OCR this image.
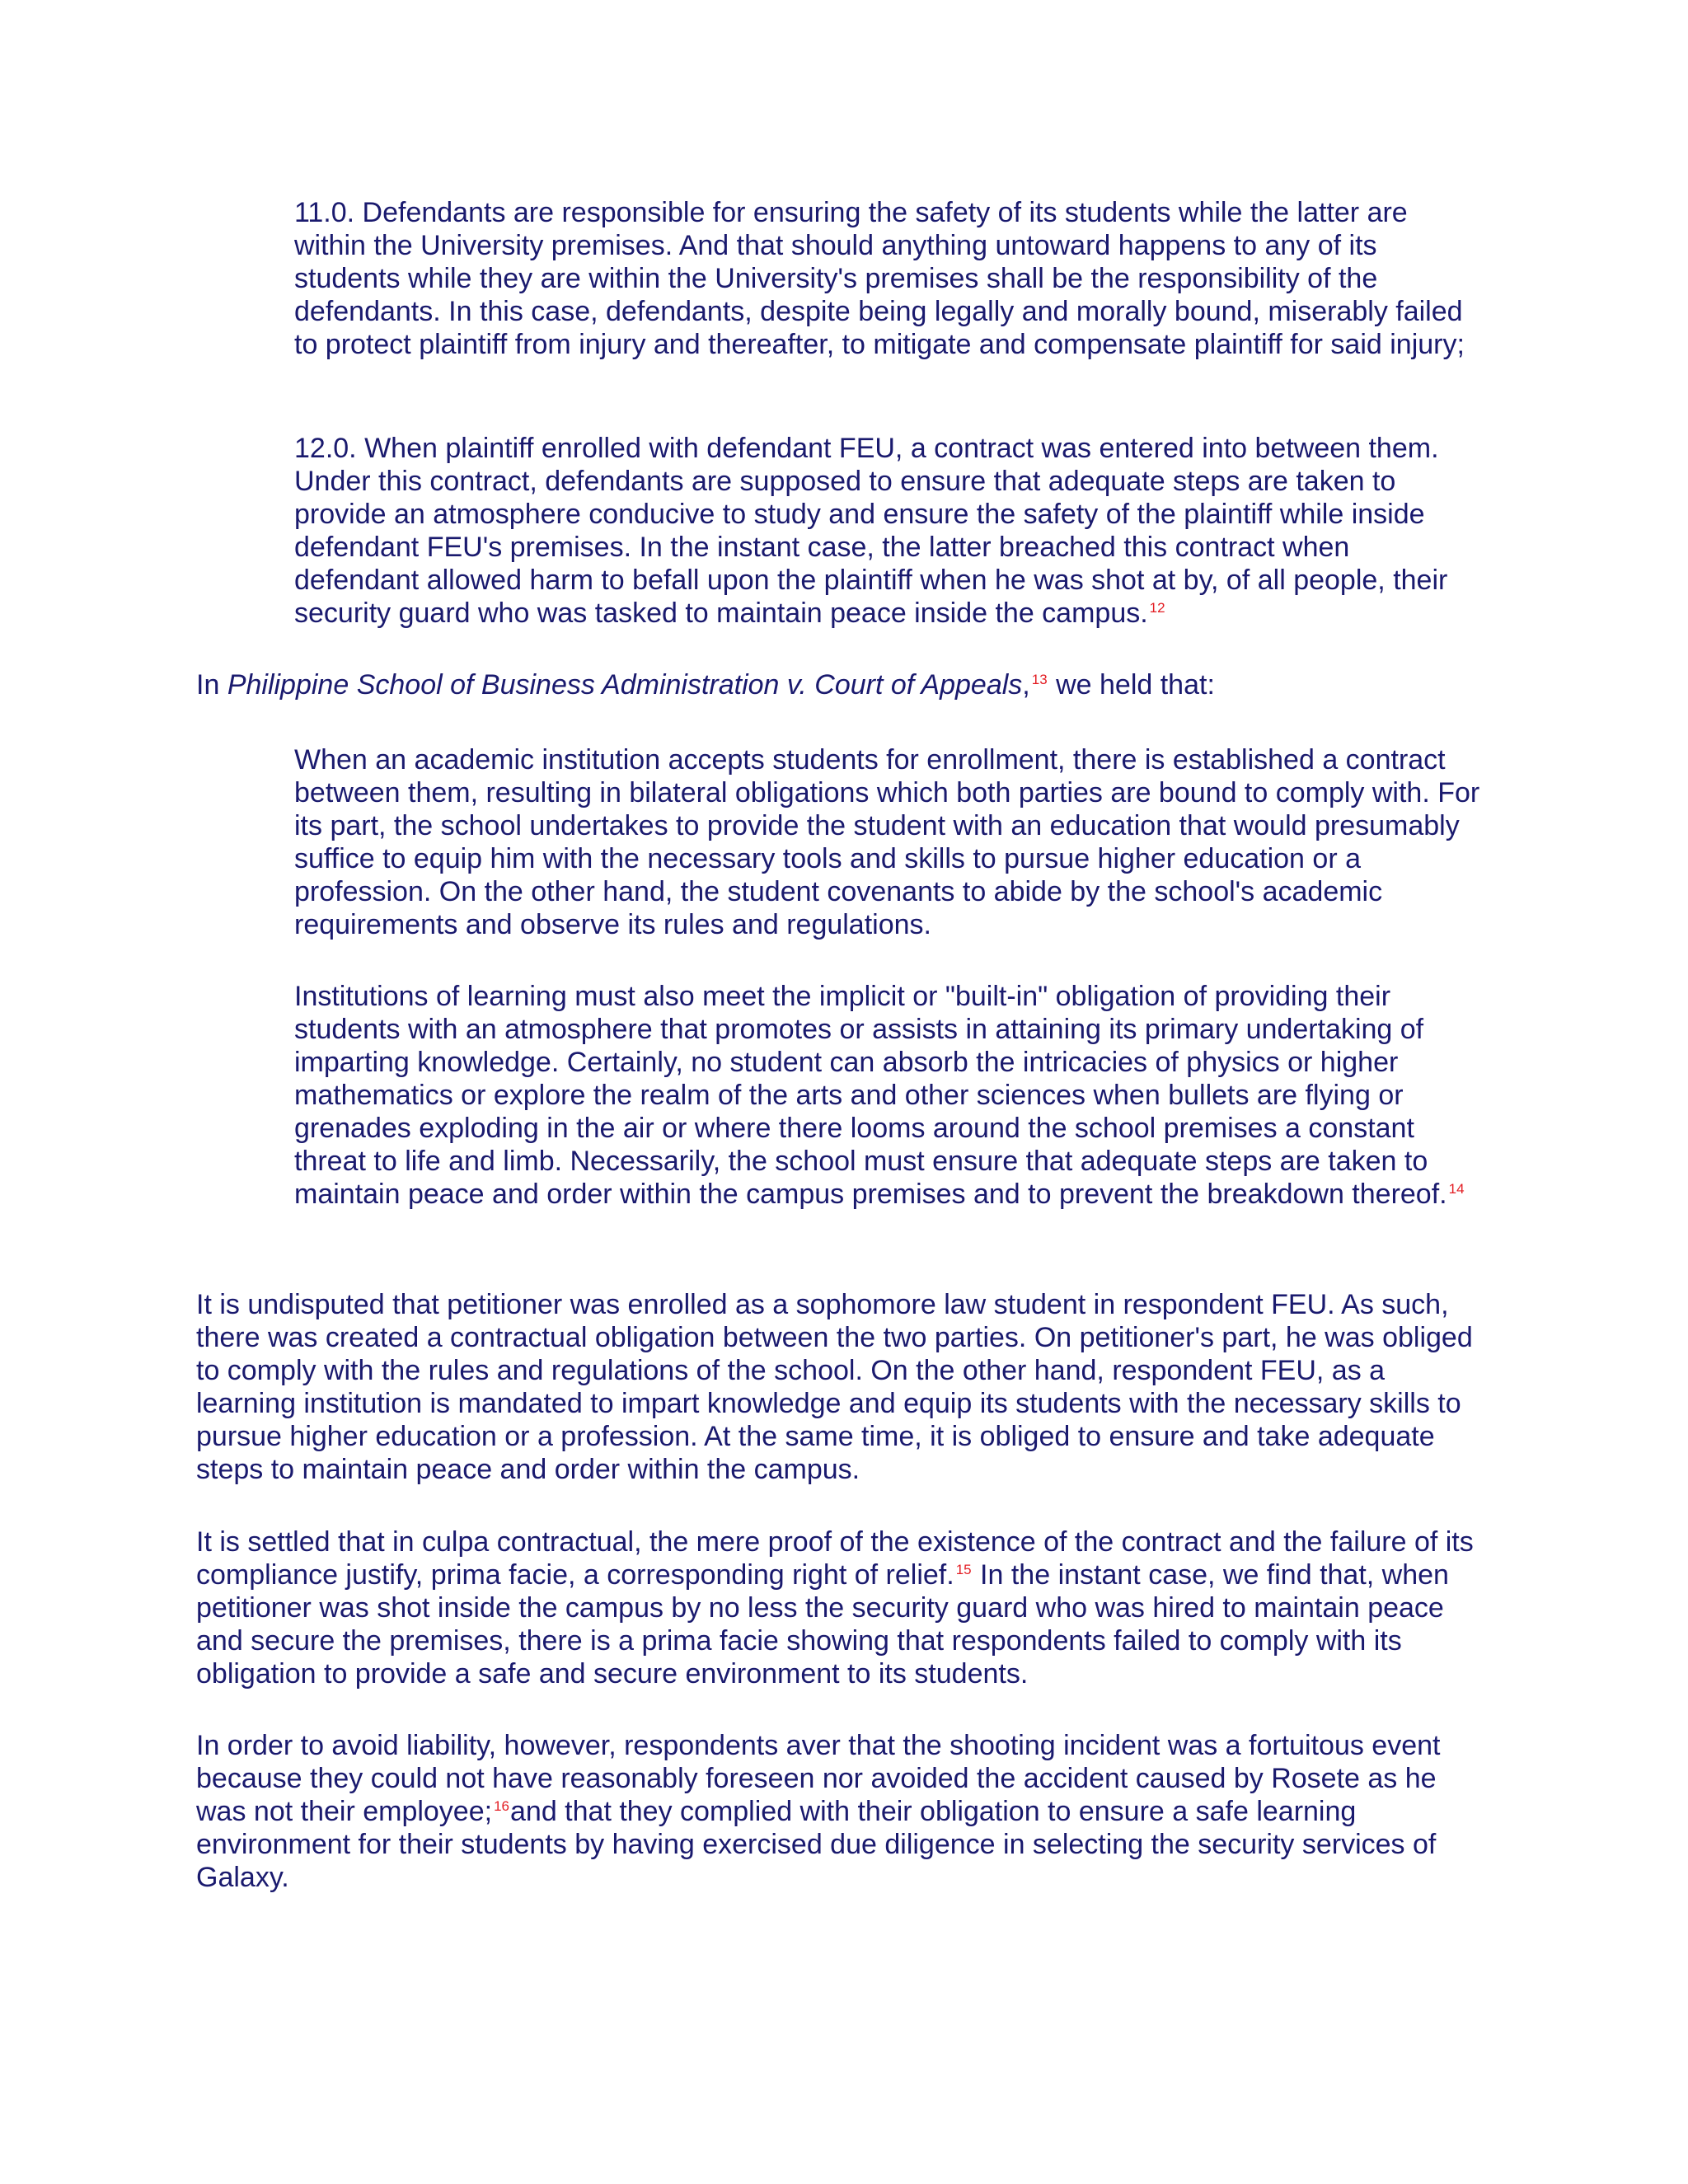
11.0. Defendants are responsible for ensuring the safety of its students while the latter are within the University premises. And that should anything untoward happens to any of its students while they are within the University's premises shall be the responsibility of the defendants. In this case, defendants, despite being legally and morally bound, miserably failed to protect plaintiff from injury and thereafter, to mitigate and compensate plaintiff for said injury;

12.0. When plaintiff enrolled with defendant FEU, a contract was entered into between them. Under this contract, defendants are supposed to ensure that adequate steps are taken to provide an atmosphere conducive to study and ensure the safety of the plaintiff while inside defendant FEU's premises. In the instant case, the latter breached this contract when defendant allowed harm to befall upon the plaintiff when he was shot at by, of all people, their security guard who was tasked to maintain peace inside the campus. $^{12}$

In Philippine School of Business Administration v. Court of Appeals, $^{13}$ we held that:

When an academic institution accepts students for enrollment, there is established a contract between them, resulting in bilateral obligations which both parties are bound to comply with. For its part, the school undertakes to provide the student with an education that would presumably suffice to equip him with the necessary tools and skills to pursue higher education or a profession. On the other hand, the student covenants to abide by the school's academic requirements and observe its rules and regulations.

Institutions of learning must also meet the implicit or "built-in" obligation of providing their students with an atmosphere that promotes or assists in attaining its primary undertaking of imparting knowledge. Certainly, no student can absorb the intricacies of physics or higher mathematics or explore the realm of the arts and other sciences when bullets are flying or grenades exploding in the air or where there looms around the school premises a constant threat to life and limb. Necessarily, the school must ensure that adequate steps are taken to maintain peace and order within the campus premises and to prevent the breakdown thereof. $^{14}$

It is undisputed that petitioner was enrolled as a sophomore law student in respondent FEU. As such, there was created a contractual obligation between the two parties. On petitioner's part, he was obliged to comply with the rules and regulations of the school. On the other hand, respondent FEU, as a learning institution is mandated to impart knowledge and equip its students with the necessary skills to pursue higher education or a profession. At the same time, it is obliged to ensure and take adequate steps to maintain peace and order within the campus.

It is settled that in culpa contractual, the mere proof of the existence of the contract and the failure of its compliance justify, prima facie, a corresponding right of relief. $^{15}$ In the instant case, we find that, when petitioner was shot inside the campus by no less the security guard who was hired to maintain peace and secure the premises, there is a prima facie showing that respondents failed to comply with its obligation to provide a safe and secure environment to its students.

In order to avoid liability, however, respondents aver that the shooting incident was a fortuitous event because they could not have reasonably foreseen nor avoided the accident caused by Rosete as he was not their employee; $^{16}$and that they complied with their obligation to ensure a safe learning environment for their students by having exercised due diligence in selecting the security services of Galaxy.
